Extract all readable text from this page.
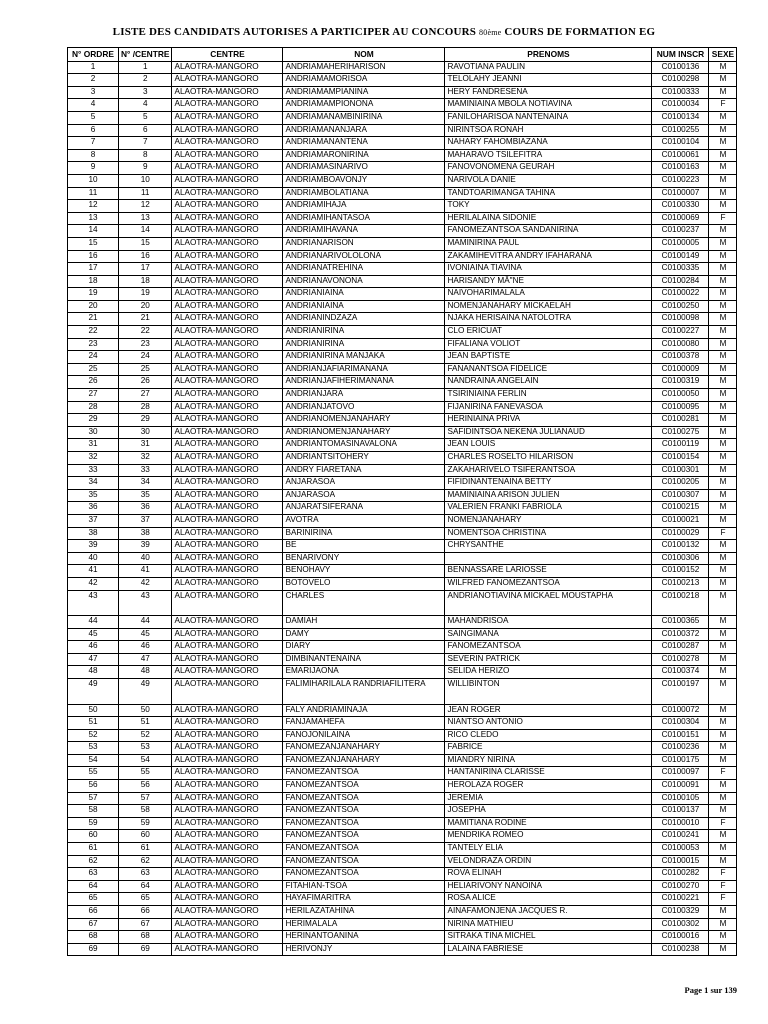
LISTE DES CANDIDATS AUTORISES A PARTICIPER AU CONCOURS 80ème COURS DE FORMATION EG
N° ORDRE	N° /CENTRE	CENTRE	NOM	PRENOMS	NUM INSCR	SEXE
1	1	ALAOTRA-MANGORO	ANDRIAMAHERIHARISON	RAVOTIANA PAULIN	C0100136	M
2	2	ALAOTRA-MANGORO	ANDRIAMAMORISOA	TELOLAHY JEANNI	C0100298	M
3	3	ALAOTRA-MANGORO	ANDRIAMAMPIANINA	HERY FANDRESENA	C0100333	M
4	4	ALAOTRA-MANGORO	ANDRIAMAMPIONONA	MAMINIAINA MBOLA NOTIAVINA	C0100034	F
5	5	ALAOTRA-MANGORO	ANDRIAMANAMBINIRINA	FANILOHARISOA NANTENAINA	C0100134	M
6	6	ALAOTRA-MANGORO	ANDRIAMANANJARA	NIRINTSOA RONAH	C0100255	M
7	7	ALAOTRA-MANGORO	ANDRIAMANANTENA	NAHARY FAHOMBIAZANA	C0100104	M
8	8	ALAOTRA-MANGORO	ANDRIAMARONIRINA	MAHARAVO TSILEFITRA	C0100061	M
9	9	ALAOTRA-MANGORO	ANDRIAMASINARIVO	FANOVONOMENA GEURAH	C0100163	M
10	10	ALAOTRA-MANGORO	ANDRIAMBOAVONJY	NARIVOLA DANIE	C0100223	M
11	11	ALAOTRA-MANGORO	ANDRIAMBOLATIANA	TANDTOARIMANGA TAHINA	C0100007	M
12	12	ALAOTRA-MANGORO	ANDRIAMIHAJA	TOKY	C0100330	M
13	13	ALAOTRA-MANGORO	ANDRIAMIHANTASOA	HERILALAINA SIDONIE	C0100069	F
14	14	ALAOTRA-MANGORO	ANDRIAMIHAVANA	FANOMEZANTSOA SANDANIRINA	C0100237	M
15	15	ALAOTRA-MANGORO	ANDRIANARISON	MAMINIRINA PAUL	C0100005	M
16	16	ALAOTRA-MANGORO	ANDRIANARIVOLOLONA	ZAKAMIHEVITRA ANDRY IFAHARANA	C0100149	M
17	17	ALAOTRA-MANGORO	ANDRIANATREHINA	IVONIAINA TIAVINA	C0100335	M
18	18	ALAOTRA-MANGORO	ANDRIANAVONONA	HARISANDY MÂ"NE	C0100284	M
19	19	ALAOTRA-MANGORO	ANDRIANIAINA	NAIVOHARIMALALA	C0100022	M
20	20	ALAOTRA-MANGORO	ANDRIANIAINA	NOMENJANAHARY MICKAELAH	C0100250	M
21	21	ALAOTRA-MANGORO	ANDRIANINDZAZA	NJAKA HERISAINA NATOLOTRA	C0100098	M
22	22	ALAOTRA-MANGORO	ANDRIANIRINA	CLO ERICUAT	C0100227	M
23	23	ALAOTRA-MANGORO	ANDRIANIRINA	FIFALIANA VOLIOT	C0100080	M
24	24	ALAOTRA-MANGORO	ANDRIANIRINA MANJAKA	JEAN BAPTISTE	C0100378	M
25	25	ALAOTRA-MANGORO	ANDRIANJAFIARIMANANA	FANANANTSOA FIDELICE	C0100009	M
26	26	ALAOTRA-MANGORO	ANDRIANJAFIHERIMANANA	NANDRAINA ANGELAIN	C0100319	M
27	27	ALAOTRA-MANGORO	ANDRIANJARA	TSIRINIAINA FERLIN	C0100050	M
28	28	ALAOTRA-MANGORO	ANDRIANJATOVO	FIJANIRINA FANEVASOA	C0100095	M
29	29	ALAOTRA-MANGORO	ANDRIANOMENJANAHARY	HERINIAINA PRIVA	C0100281	M
30	30	ALAOTRA-MANGORO	ANDRIANOMENJANAHARY	SAFIDINTSOA NEKENA JULIANAUD	C0100275	M
31	31	ALAOTRA-MANGORO	ANDRIANTOMASINAVALONA	JEAN LOUIS	C0100119	M
32	32	ALAOTRA-MANGORO	ANDRIANTSITOHERY	CHARLES ROSELTO HILARISON	C0100154	M
33	33	ALAOTRA-MANGORO	ANDRY FIARETANA	ZAKAHARIVELO TSIFERANTSOA	C0100301	M
34	34	ALAOTRA-MANGORO	ANJARASOA	FIFIDINANTENAINA BETTY	C0100205	M
35	35	ALAOTRA-MANGORO	ANJARASOA	MAMINIAINA ARISON JULIEN	C0100307	M
36	36	ALAOTRA-MANGORO	ANJARATSIFERANA	VALERIEN FRANKI FABRIOLA	C0100215	M
37	37	ALAOTRA-MANGORO	AVOTRA	NOMENJANAHARY	C0100021	M
38	38	ALAOTRA-MANGORO	BARINIRINA	NOMENTSOA CHRISTINA	C0100029	F
39	39	ALAOTRA-MANGORO	BE	CHRYSANTHE	C0100132	M
40	40	ALAOTRA-MANGORO	BENARIVONY		C0100306	M
41	41	ALAOTRA-MANGORO	BENOHAVY	BENNASSARE LARIOSSE	C0100152	M
42	42	ALAOTRA-MANGORO	BOTOVELO	WILFRED FANOMEZANTSOA	C0100213	M
43	43	ALAOTRA-MANGORO	CHARLES	ANDRIANOTIAVINA MICKAEL MOUSTAPHA	C0100218	M
44	44	ALAOTRA-MANGORO	DAMIAH	MAHANDRISOA	C0100365	M
45	45	ALAOTRA-MANGORO	DAMY	SAINGIMANA	C0100372	M
46	46	ALAOTRA-MANGORO	DIARY	FANOMEZANTSOA	C0100287	M
47	47	ALAOTRA-MANGORO	DIMBINANTENAINA	SEVERIN PATRICK	C0100278	M
48	48	ALAOTRA-MANGORO	EMARIJAONA	SELIDA HERIZO	C0100374	M
49	49	ALAOTRA-MANGORO	FALIMIHARILALA RANDRIAFILITERA	WILLIBINTON	C0100197	M
50	50	ALAOTRA-MANGORO	FALY ANDRIAMINAJA	JEAN ROGER	C0100072	M
51	51	ALAOTRA-MANGORO	FANJAMAHEFA	NIANTSO ANTONIO	C0100304	M
52	52	ALAOTRA-MANGORO	FANOJONILAINA	RICO CLEDO	C0100151	M
53	53	ALAOTRA-MANGORO	FANOMEZANJANAHARY	FABRICE	C0100236	M
54	54	ALAOTRA-MANGORO	FANOMEZANJANAHARY	MIANDRY NIRINA	C0100175	M
55	55	ALAOTRA-MANGORO	FANOMEZANTSOA	HANTANIRINA CLARISSE	C0100097	F
56	56	ALAOTRA-MANGORO	FANOMEZANTSOA	HEROLAZA ROGER	C0100091	M
57	57	ALAOTRA-MANGORO	FANOMEZANTSOA	JEREMIA	C0100105	M
58	58	ALAOTRA-MANGORO	FANOMEZANTSOA	JOSEPHA	C0100137	M
59	59	ALAOTRA-MANGORO	FANOMEZANTSOA	MAMITIANA RODINE	C0100010	F
60	60	ALAOTRA-MANGORO	FANOMEZANTSOA	MENDRIKA ROMEO	C0100241	M
61	61	ALAOTRA-MANGORO	FANOMEZANTSOA	TANTELY ELIA	C0100053	M
62	62	ALAOTRA-MANGORO	FANOMEZANTSOA	VELONDRAZA ORDIN	C0100015	M
63	63	ALAOTRA-MANGORO	FANOMEZANTSOA	ROVA ELINAH	C0100282	F
64	64	ALAOTRA-MANGORO	FITAHIAN-TSOA	HELIARIVONY NANOINA	C0100270	F
65	65	ALAOTRA-MANGORO	HAYAFIMARITRA	ROSA ALICE	C0100221	F
66	66	ALAOTRA-MANGORO	HERILAZATAHINA	AINAFAMONJENA JACQUES R.	C0100329	M
67	67	ALAOTRA-MANGORO	HERIMALALA	NIRINA MATHIEU	C0100302	M
68	68	ALAOTRA-MANGORO	HERINANTOANINA	SITRAKA TINA MICHEL	C0100016	M
69	69	ALAOTRA-MANGORO	HERIVONJY	LALAINA FABRIESE	C0100238	M
Page 1 sur 139
